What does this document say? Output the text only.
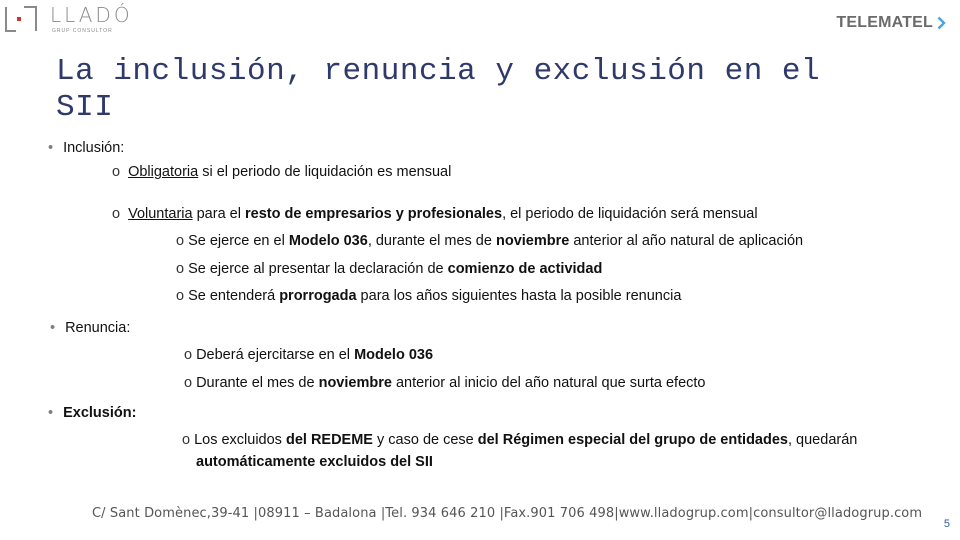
LLADÓ
GRUP CONSULTOR	TELEMATEL
La inclusión, renuncia y exclusión en el SII
• Inclusión:
o Obligatoria si el periodo de liquidación es mensual
o Voluntaria para el resto de empresarios y profesionales, el periodo de liquidación será mensual
o Se ejerce en el Modelo 036, durante el mes de noviembre anterior al año natural de aplicación
o Se ejerce al presentar la declaración de comienzo de actividad
o Se entenderá prorrogada para los años siguientes hasta la posible renuncia
• Renuncia:
o Deberá ejercitarse en el Modelo 036
o Durante el mes de noviembre anterior al inicio del año natural que surta efecto
• Exclusión:
o Los excluidos del REDEME y caso de cese del Régimen especial del grupo de entidades, quedarán
automáticamente excluidos del SII
C/ Sant Domènec,39-41 |08911 – Badalona |Tel. 934 646 210 |Fax.901 706 498|www.lladogrup.com|consultor@lladogrup.com
5
